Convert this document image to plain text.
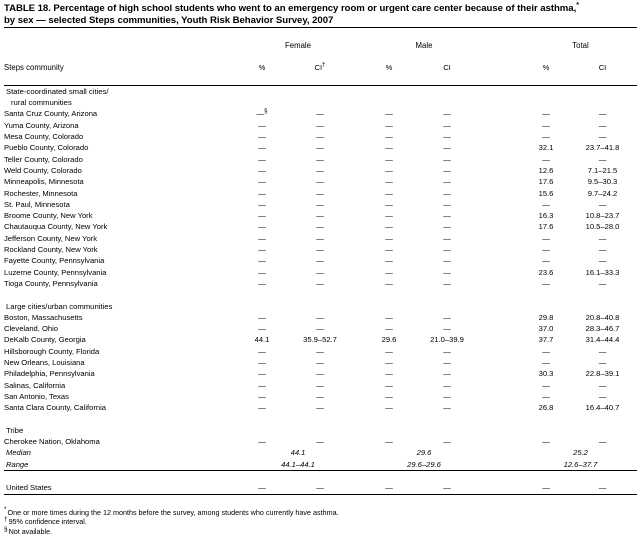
TABLE 18. Percentage of high school students who went to an emergency room or urgent care center because of their asthma,*
by sex — selected Steps communities, Youth Risk Behavior Survey, 2007

	Female			Male			Total	

Steps community	%	CI†		%	CI		%	CI

State-coordinated small cities/								
rural communities								
Santa Cruz County, Arizona	—§	—		—	—		—	—
Yuma County, Arizona	—	—		—	—		—	—
Mesa County, Colorado	—	—		—	—		—	—
Pueblo County, Colorado	—	—		—	—		32.1	23.7–41.8
Teller County, Colorado	—	—		—	—		—	—
Weld County, Colorado	—	—		—	—		12.6	7.1–21.5
Minneapolis, Minnesota	—	—		—	—		17.6	9.5–30.3
Rochester, Minnesota	—	—		—	—		15.6	9.7–24.2
St. Paul, Minnesota	—	—		—	—		—	—
Broome County, New York	—	—		—	—		16.3	10.8–23.7
Chautauqua County, New York	—	—		—	—		17.6	10.5–28.0
Jefferson County, New York	—	—		—	—		—	—
Rockland County, New York	—	—		—	—		—	—
Fayette County, Pennsylvania	—	—		—	—		—	—
Luzerne County, Pennsylvania	—	—		—	—		23.6	16.1–33.3
Tioga County, Pennsylvania	—	—		—	—		—	—

Large cities/urban communities								
Boston, Massachusetts	—	—		—	—		29.8	20.8–40.8
Cleveland, Ohio	—	—		—	—		37.0	28.3–46.7
DeKalb County, Georgia	44.1	35.9–52.7		29.6	21.0–39.9		37.7	31.4–44.4
Hillsborough County, Florida	—	—		—	—		—	—
New Orleans, Louisiana	—	—		—	—		—	—
Philadelphia, Pennsylvania	—	—		—	—		30.3	22.8–39.1
Salinas, California	—	—		—	—		—	—
San Antonio, Texas	—	—		—	—		—	—
Santa Clara County, California	—	—		—	—		26.8	16.4–40.7

Tribe								
Cherokee Nation, Oklahoma	—	—		—	—		—	—
Median	44.1			29.6			25.2	
Range	44.1–44.1			29.6–29.6			12.6–37.7	

United States	—	—		—	—		—	—

*One or more times during the 12 months before the survey, among students who currently have asthma.
†95% confidence interval.
§Not available.
